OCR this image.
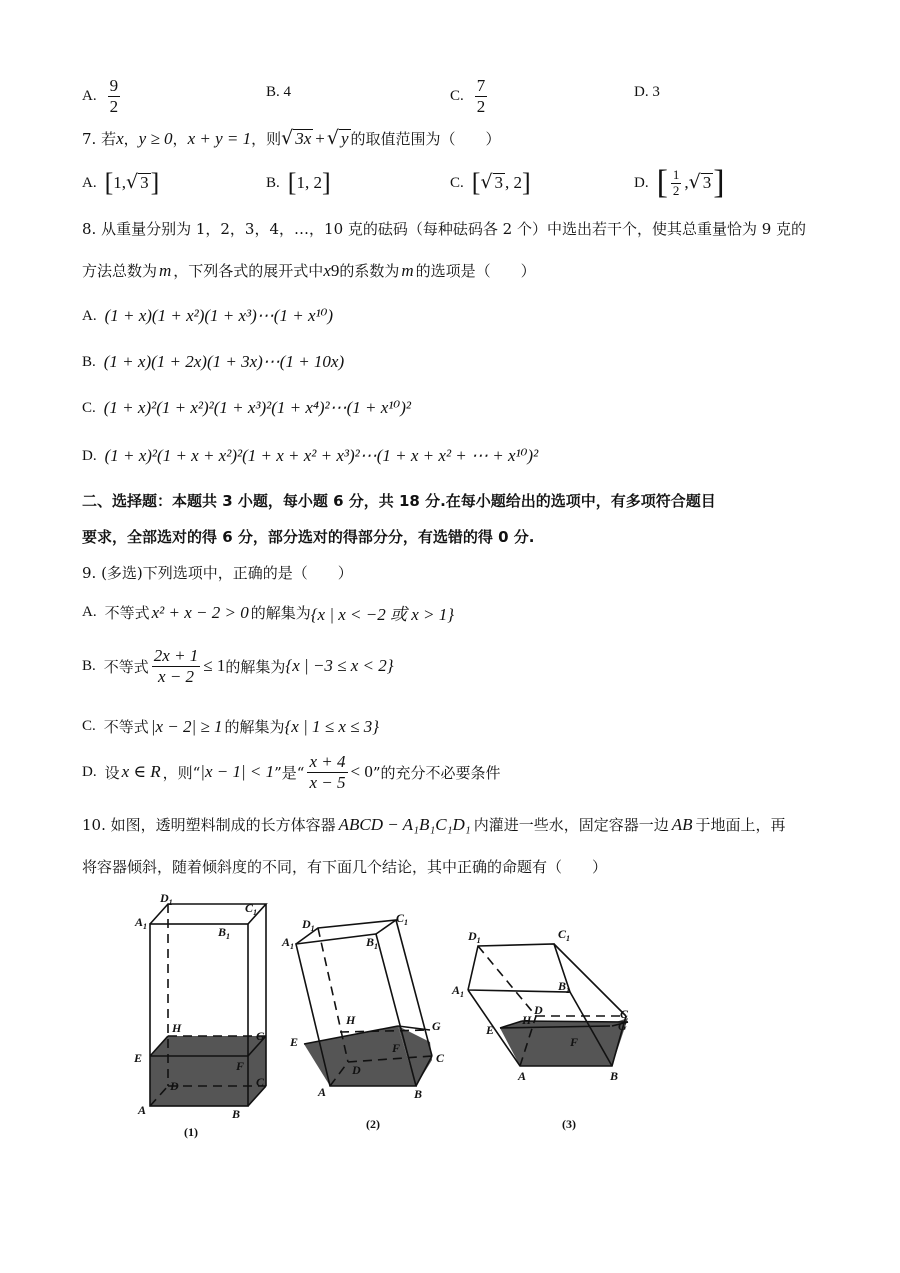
A. $\frac{9}{2}$	B. 4	C. $\frac{7}{2}$	D. 3
7. 若 x ， y ≥ 0 ， x + y = 1 ，则 √ 3x + √ y 的取值范围为（　　）
A. [ 1, √ 3 ]	B. [ 1, 2 ]	C. [ √ 3 , 2 ]	D. [ $\frac{1}{2}$ , √ 3 ]
8. 从重量分别为 1，2，3，4，…，10 克的砝码（每种砝码各 2 个）中选出若干个，使其总重量恰为 9 克的
方法总数为 m ，下列各式的展开式中 x 9 的系数为 m 的选项是（　　）
A. (1 + x)(1 + x²)(1 + x³)⋯(1 + x¹⁰)
B. (1 + x)(1 + 2x)(1 + 3x)⋯(1 + 10x)
C. (1 + x)²(1 + x²)²(1 + x³)²(1 + x⁴)²⋯(1 + x¹⁰)²
D. (1 + x)²(1 + x + x²)²(1 + x + x² + x³)²⋯(1 + x + x² + ⋯ + x¹⁰)²
二、选择题：本题共 3 小题，每小题 6 分，共 18 分.在每小题给出的选项中，有多项符合题目
要求，全部选对的得 6 分，部分选对的得部分分，有选错的得 0 分.
9. (多选)下列选项中，正确的是（　　）
A. 不等式 x² + x − 2 > 0 的解集为 {x | x < −2 或 x > 1}
B. 不等式 $\frac{2x + 1}{x - 2} \le 1$ 的解集为 {x | −3 ≤ x < 2}
C. 不等式 |x − 2| ≥ 1 的解集为 {x | 1 ≤ x ≤ 3}
D. 设 x ∈ R ，则“ |x − 1| < 1 ”是“ $\frac{x + 4}{x - 5} < 0$ ”的充分不必要条件
10. 如图，透明塑料制成的长方体容器 ABCD − A₁B₁C₁D₁ 内灌进一些水，固定容器一边 AB 于地面上，再
将容器倾斜，随着倾斜度的不同，有下面几个结论，其中正确的命题有（　　）
$A_1$
$D_1$	$C_1$
$B_1$
H
G
E
F
D	C
A	B
(1)
$A_1$
$D_1$
$C_1$
$B_1$
H	G
E	F
C
D
A	B
(2)
$D_1$	$C_1$
$A_1$
$B_1$
D	C
H	G
E
F
A	B
(3)
